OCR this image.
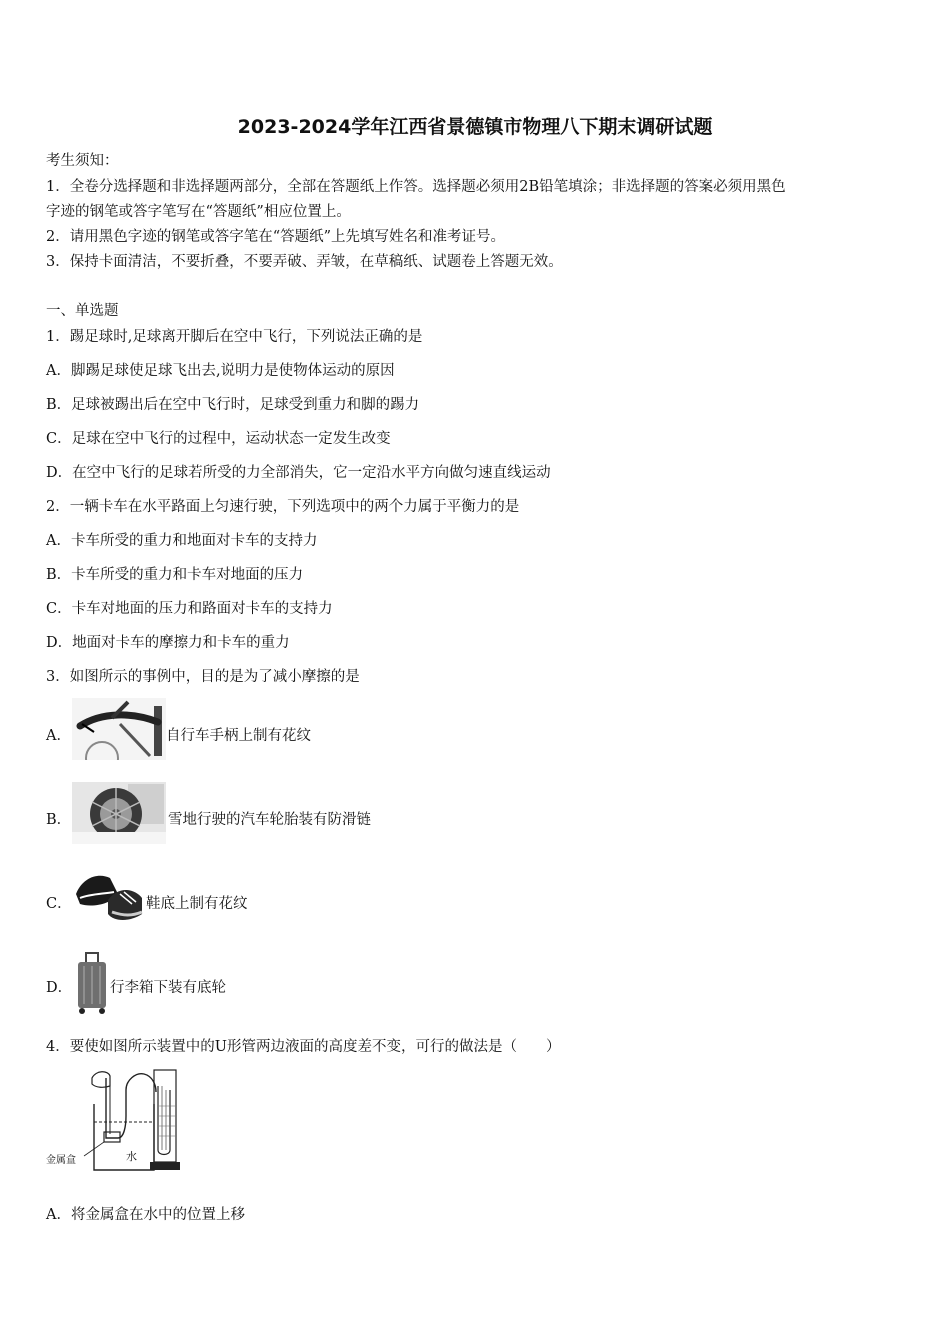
2023-2024学年江西省景德镇市物理八下期末调研试题
考生须知：
1．全卷分选择题和非选择题两部分，全部在答题纸上作答。选择题必须用2B铅笔填涂；非选择题的答案必须用黑色
字迹的钢笔或答字笔写在“答题纸”相应位置上。
2．请用黑色字迹的钢笔或答字笔在“答题纸”上先填写姓名和准考证号。
3．保持卡面清洁，不要折叠，不要弄破、弄皱，在草稿纸、试题卷上答题无效。
一、单选题
1．踢足球时,足球离开脚后在空中飞行，下列说法正确的是
A．脚踢足球使足球飞出去,说明力是使物体运动的原因
B．足球被踢出后在空中飞行时，足球受到重力和脚的踢力
C．足球在空中飞行的过程中，运动状态一定发生改变
D．在空中飞行的足球若所受的力全部消失，它一定沿水平方向做匀速直线运动
2．一辆卡车在水平路面上匀速行驶，下列选项中的两个力属于平衡力的是
A．卡车所受的重力和地面对卡车的支持力
B．卡车所受的重力和卡车对地面的压力
C．卡车对地面的压力和路面对卡车的支持力
D．地面对卡车的摩擦力和卡车的重力
3．如图所示的事例中，目的是为了减小摩擦的是
A．	自行车手柄上制有花纹
B．	雪地行驶的汽车轮胎装有防滑链
C．	鞋底上制有花纹
D．	行李箱下装有底轮
4．要使如图所示装置中的U形管两边液面的高度差不变，可行的做法是（　　）
金属盒	水
A．将金属盒在水中的位置上移
